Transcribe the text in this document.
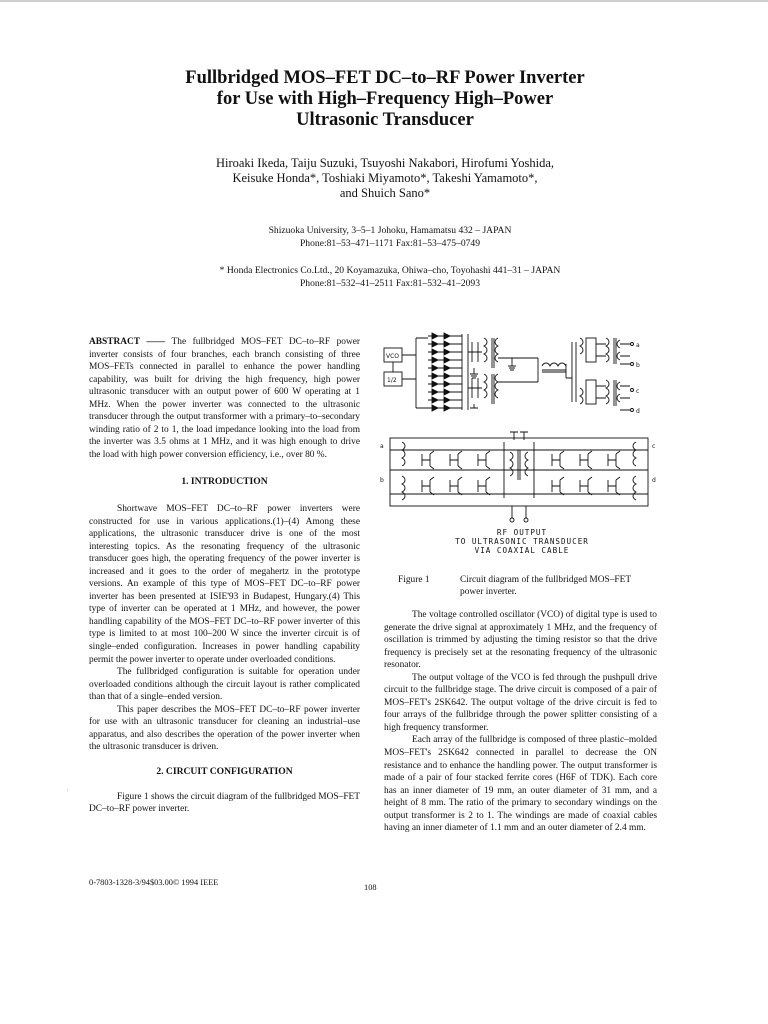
Fullbridged MOS–FET DC–to–RF Power Inverter
for Use with High–Frequency High–Power
Ultrasonic Transducer
Hiroaki Ikeda, Taiju Suzuki, Tsuyoshi Nakabori, Hirofumi Yoshida,
Keisuke Honda*, Toshiaki Miyamoto*, Takeshi Yamamoto*,
and Shuich Sano*
Shizuoka University, 3–5–1 Johoku, Hamamatsu 432 – JAPAN
Phone:81–53–471–1171 Fax:81–53–475–0749
* Honda Electronics Co.Ltd., 20 Koyamazuka, Ohiwa–cho, Toyohashi 441–31 – JAPAN
Phone:81–532–41–2511 Fax:81–532–41–2093

ABSTRACT —— The fullbridged MOS–FET DC–to–RF power inverter consists of four branches, each branch consisting of three MOS–FETs connected in parallel to enhance the power handling capability, was built for driving the high frequency, high power ultrasonic transducer with an output power of 600 W operating at 1 MHz. When the power inverter was connected to the ultrasonic transducer through the output transformer with a primary–to–secondary winding ratio of 2 to 1, the load impedance looking into the load from the inverter was 3.5 ohms at 1 MHz, and it was high enough to drive the load with high power conversion efficiency, i.e., over 80 %.

1. INTRODUCTION

Shortwave MOS–FET DC–to–RF power inverters were constructed for use in various applications.(1)–(4) Among these applications, the ultrasonic transducer drive is one of the most interesting topics. As the resonating frequency of the ultrasonic transducer goes high, the operating frequency of the power inverter is increased and it goes to the order of megahertz in the prototype versions. An example of this type of MOS–FET DC–to–RF power inverter has been presented at ISIE'93 in Budapest, Hungary.(4) This type of inverter can be operated at 1 MHz, and however, the power handling capability of the MOS–FET DC–to–RF power inverter of this type is limited to at most 100–200 W since the inverter circuit is of single–ended configuration. Increases in power handling capability permit the power inverter to operate under overloaded conditions.

The fullbridged configuration is suitable for operation under overloaded conditions although the circuit layout is rather complicated than that of a single–ended version.

This paper describes the MOS–FET DC–to–RF power inverter for use with an ultrasonic transducer for cleaning an industrial–use apparatus, and also describes the operation of the power inverter when the ultrasonic transducer is driven.

2. CIRCUIT CONFIGURATION

Figure 1 shows the circuit diagram of the fullbridged MOS–FET DC–to–RF power inverter.

·
VCO
1/2
a
b
c
d
a
b
c
d
RF OUTPUT
TO ULTRASONIC TRANSDUCER
VIA COAXIAL CABLE
Figure 1	Circuit diagram of the fullbridged MOS–FET power inverter.

The voltage controlled oscillator (VCO) of digital type is used to generate the drive signal at approximately 1 MHz, and the frequency of oscillation is trimmed by adjusting the timing resistor so that the drive frequency is precisely set at the resonating frequency of the ultrasonic resonator.

The output voltage of the VCO is fed through the pushpull drive circuit to the fullbridge stage. The drive circuit is composed of a pair of MOS–FET's 2SK642. The output voltage of the drive circuit is fed to four arrays of the fullbridge through the power splitter consisting of a high frequency transformer.

Each array of the fullbridge is composed of three plastic–molded MOS–FET's 2SK642 connected in parallel to decrease the ON resistance and to enhance the handling power. The output transformer is made of a pair of four stacked ferrite cores (H6F of TDK). Each core has an inner diameter of 19 mm, an outer diameter of 31 mm, and a height of 8 mm. The ratio of the primary to secondary windings on the output transformer is 2 to 1. The windings are made of coaxial cables having an inner diameter of 1.1 mm and an outer diameter of 2.4 mm.

0-7803-1328-3/94$03.00© 1994 IEEE
108
